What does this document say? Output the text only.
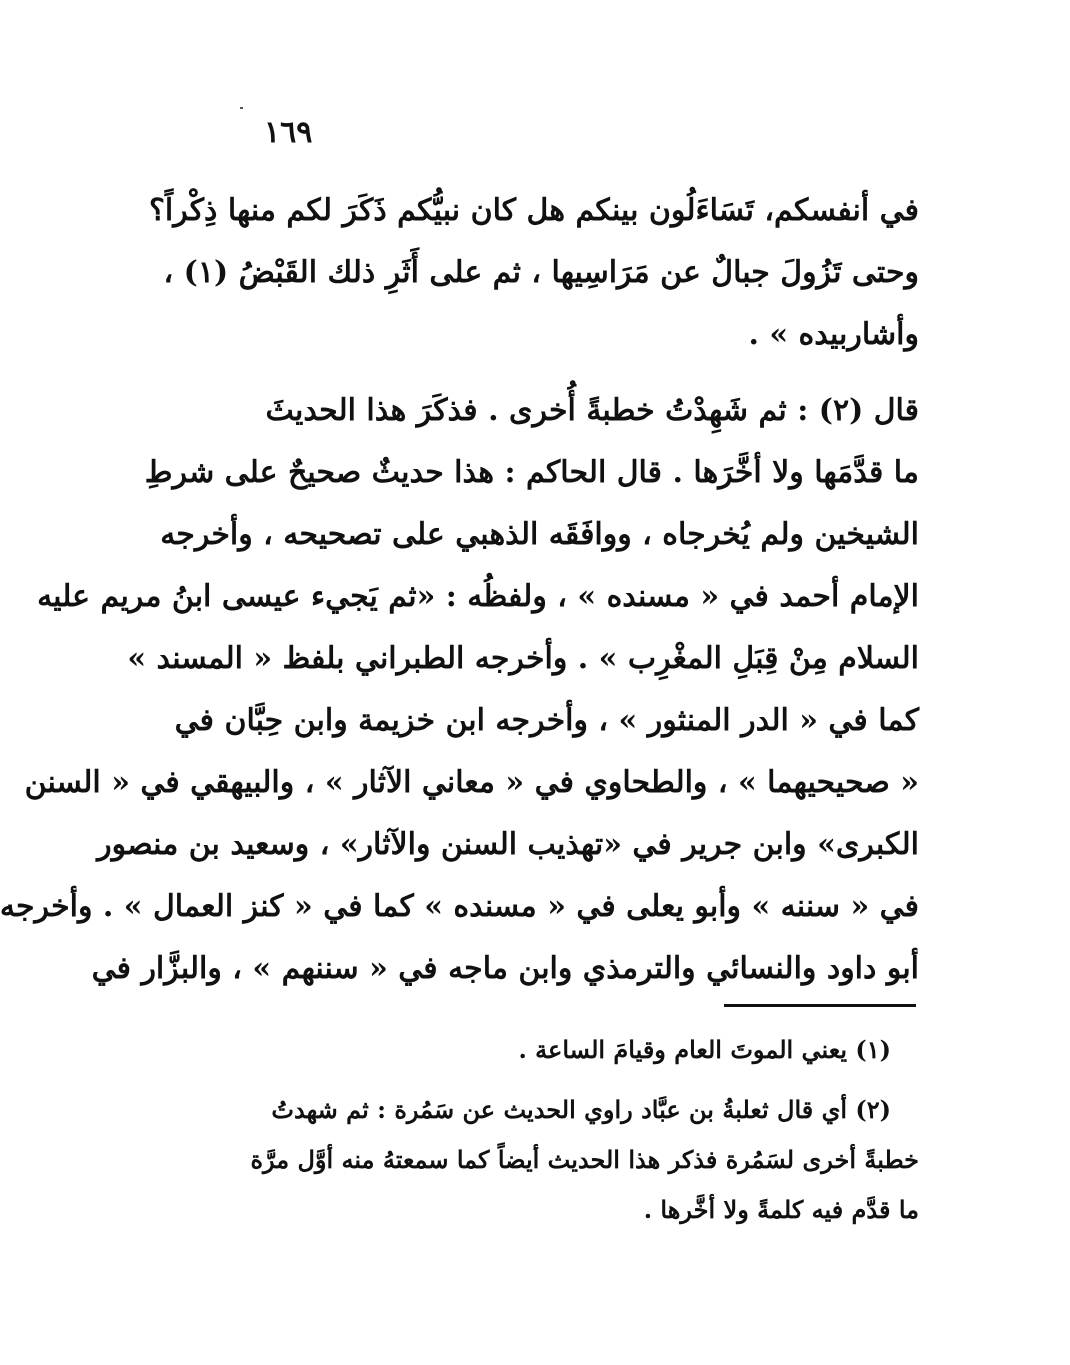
١٦٩
في أنفسكم، تَسَاءَلُون بينكم هل كان نبيُّكم ذَكَرَ لكم منها ذِكْراً؟
وحتى تَزُولَ جبالٌ عن مَرَاسِيها ، ثم على أَثَرِ ذلك القَبْضُ (١) ،
وأشاربيده » .
قال (٢) : ثم شَهِدْتُ خطبةً أُخرى . فذكَرَ هذا الحديثَ
ما قدَّمَها ولا أخَّرَها . قال الحاكم : هذا حديثٌ صحيحٌ على شرطِ
الشيخين ولم يُخرجاه ، ووافَقَه الذهبي على تصحيحه ، وأخرجه
الإمام أحمد في « مسنده » ، ولفظُه : «ثم يَجيء عيسى ابنُ مريم عليه
السلام مِنْ قِبَلِ المغْرِب » . وأخرجه الطبراني بلفظ « المسند »
كما في « الدر المنثور » ، وأخرجه ابن خزيمة وابن حِبَّان في
« صحيحيهما » ، والطحاوي في « معاني الآثار » ، والبيهقي في « السنن
الكبرى» وابن جرير في «تهذيب السنن والآثار» ، وسعيد بن منصور
في « سننه » وأبو يعلى في « مسنده » كما في « كنز العمال » . وأخرجه
أبو داود والنسائي والترمذي وابن ماجه في « سننهم » ، والبزَّار في
(١) يعني الموتَ العام وقيامَ الساعة .
(٢) أي قال ثعلبةُ بن عبَّاد راوي الحديث عن سَمُرة : ثم شهدتُ
خطبةً أخرى لسَمُرة فذكر هذا الحديث أيضاً كما سمعتهُ منه أوَّل مرَّة
ما قدَّم فيه كلمةً ولا أخَّرها .
